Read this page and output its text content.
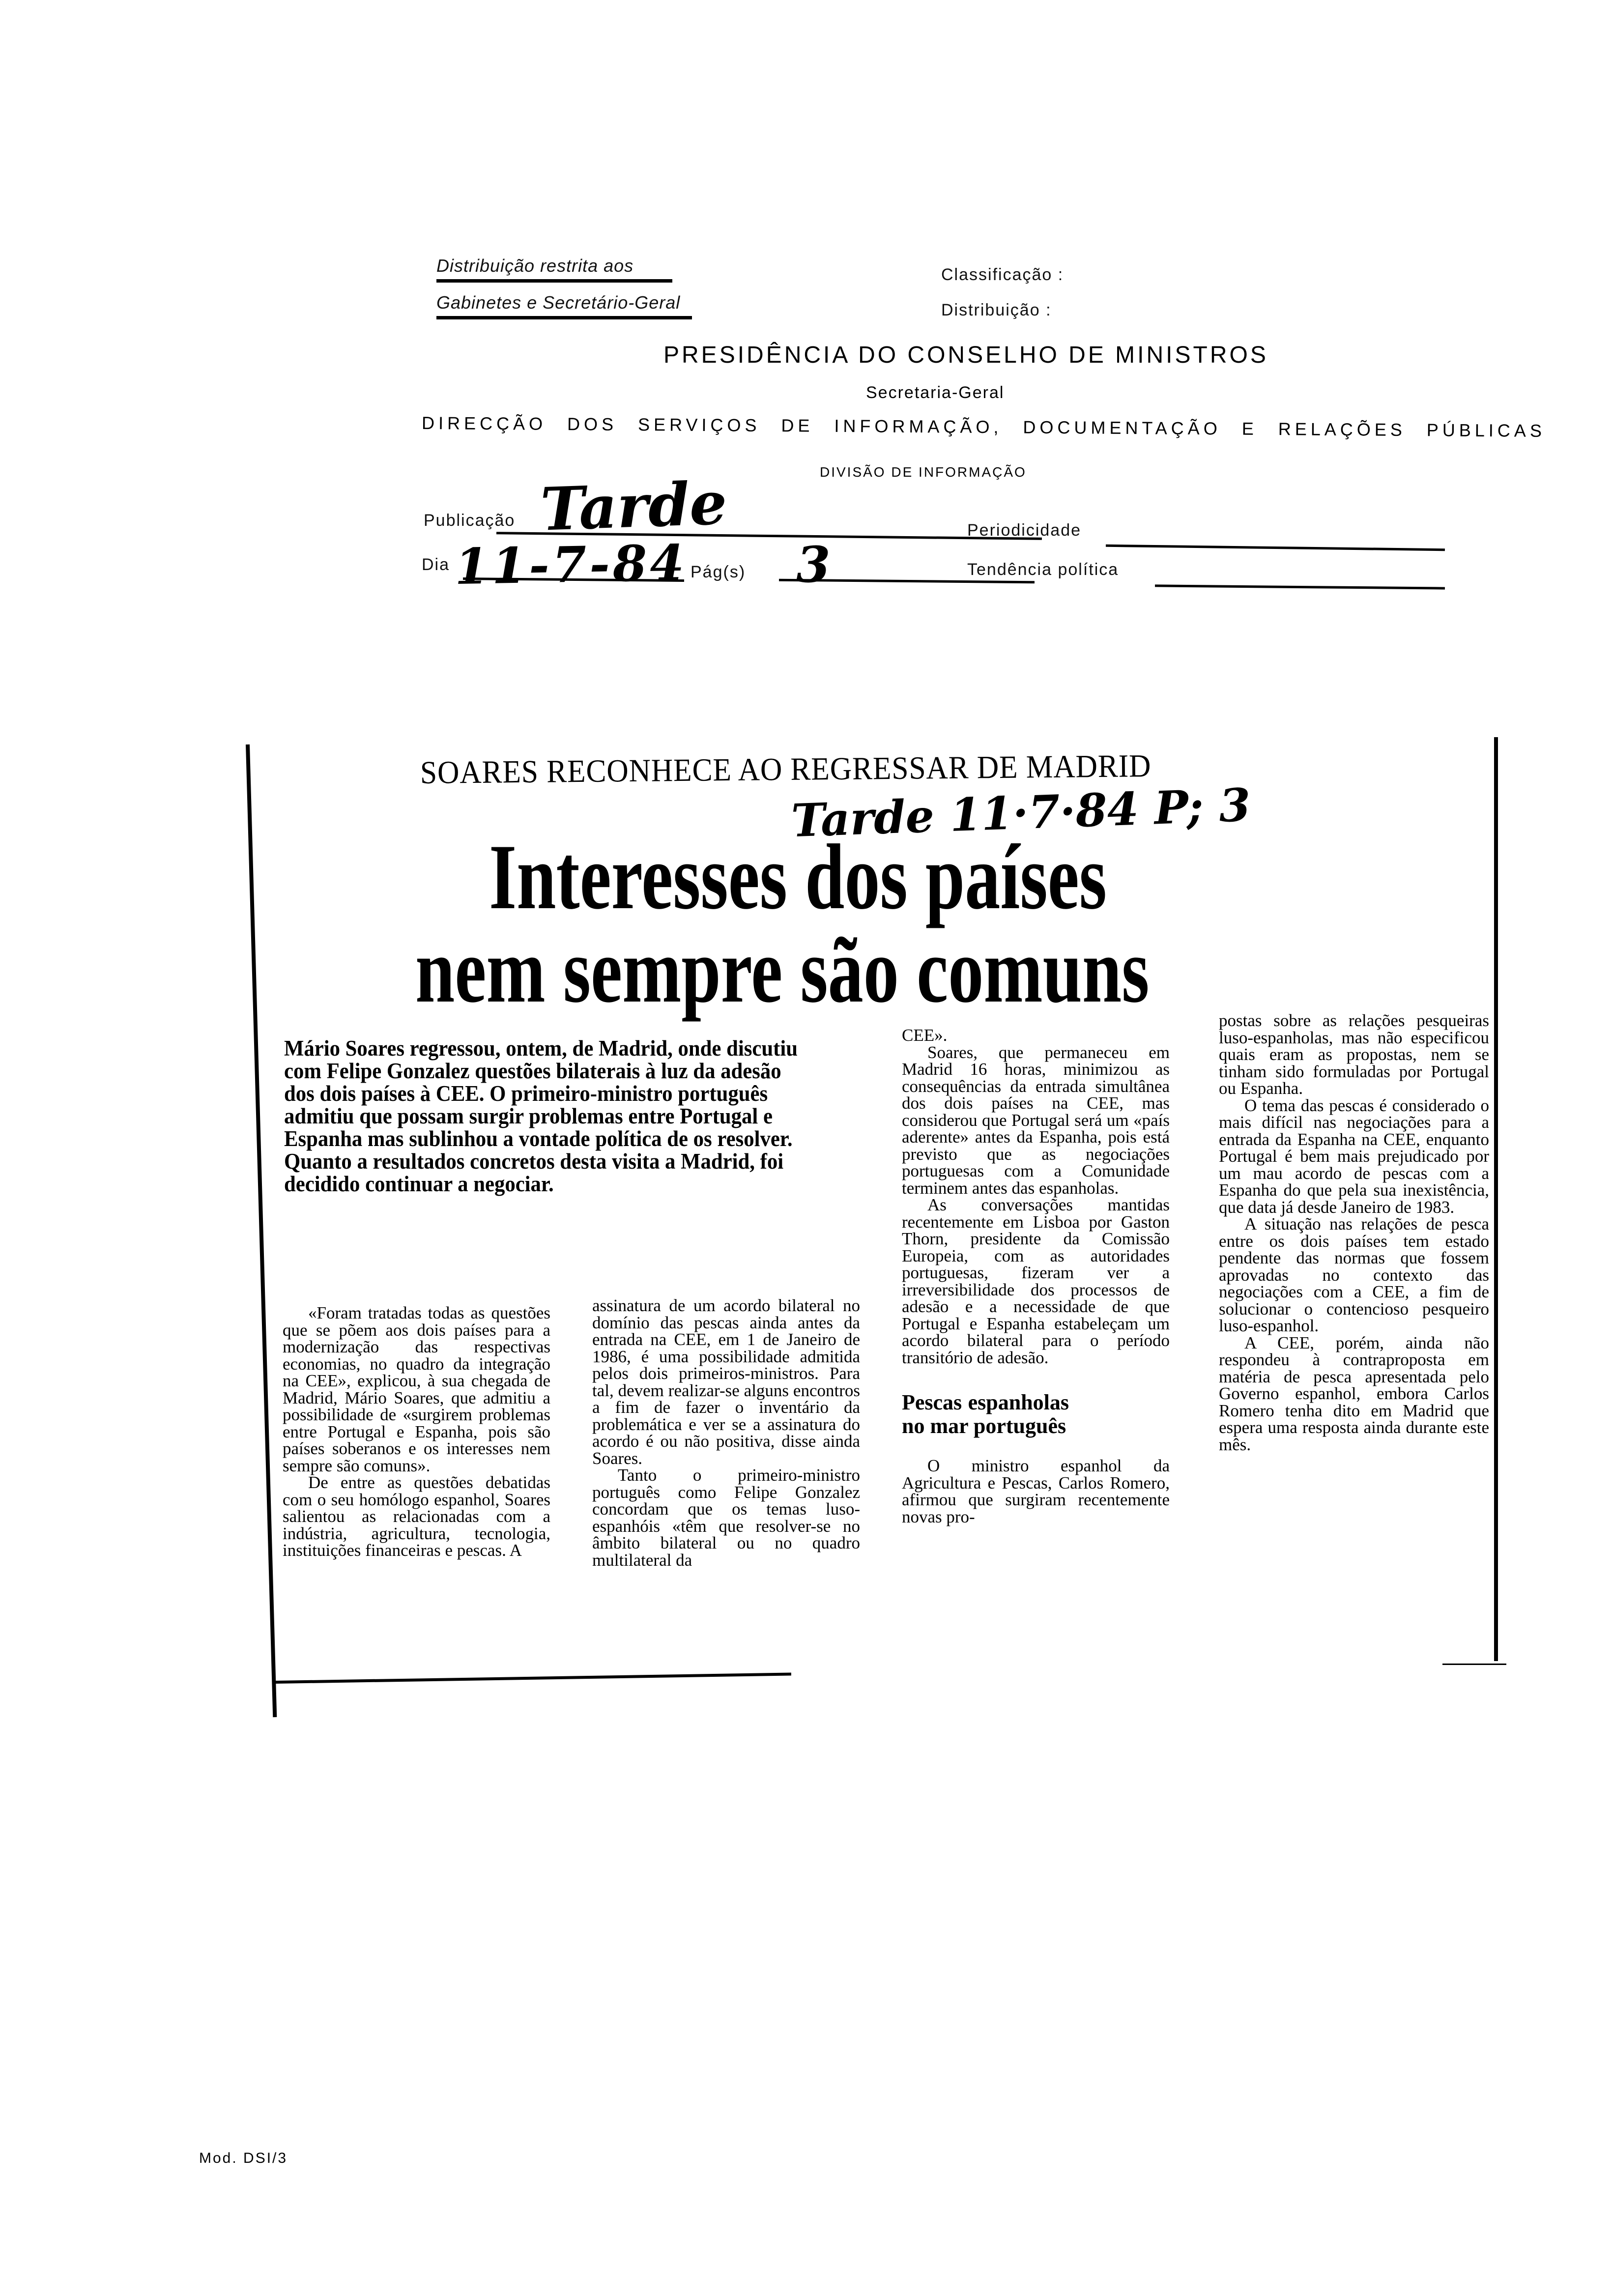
Distribuição restrita aos
Gabinetes e Secretário-Geral
Classificação :
Distribuição :
PRESIDÊNCIA DO CONSELHO DE MINISTROS
Secretaria-Geral
DIRECÇÃO DOS SERVIÇOS DE INFORMAÇÃO, DOCUMENTAÇÃO E RELAÇÕES PÚBLICAS
DIVISÃO DE INFORMAÇÃO
Publicação Tarde	Periodicidade
Dia 11-7-84 Pág(s) 3	Tendência política
SOARES RECONHECE AO REGRESSAR DE MADRID
Tarde 11·7·84 P; 3
Interesses dos países
nem sempre são comuns

Mário Soares regressou, ontem, de Madrid, onde discutiu com Felipe Gonzalez questões bilaterais à luz da adesão dos dois países à CEE. O primeiro-ministro português admitiu que possam surgir problemas entre Portugal e Espanha mas sublinhou a vontade política de os resolver. Quanto a resultados concretos desta visita a Madrid, foi decidido continuar a negociar.

«Foram tratadas todas as questões que se põem aos dois países para a modernização das respectivas economias, no quadro da integração na CEE», explicou, à sua chegada de Madrid, Mário Soares, que admitiu a possibilidade de «surgirem problemas entre Portugal e Espanha, pois são países soberanos e os interesses nem sempre são comuns».

De entre as questões debatidas com o seu homólogo espanhol, Soares salientou as relacionadas com a indústria, agricultura, tecnologia, instituições financeiras e pescas. A

assinatura de um acordo bilateral no domínio das pescas ainda antes da entrada na CEE, em 1 de Janeiro de 1986, é uma possibilidade admitida pelos dois primeiros-ministros. Para tal, devem realizar-se alguns encontros a fim de fazer o inventário da problemática e ver se a assinatura do acordo é ou não positiva, disse ainda Soares.

Tanto o primeiro-ministro português como Felipe Gonzalez concordam que os temas luso-espanhóis «têm que resolver-se no âmbito bilateral ou no quadro multilateral da

CEE».

Soares, que permaneceu em Madrid 16 horas, minimizou as consequências da entrada simultânea dos dois países na CEE, mas considerou que Portugal será um «país aderente» antes da Espanha, pois está previsto que as negociações portuguesas com a Comunidade terminem antes das espanholas.

As conversações mantidas recentemente em Lisboa por Gaston Thorn, presidente da Comissão Europeia, com as autoridades portuguesas, fizeram ver a irreversibilidade dos processos de adesão e a necessidade de que Portugal e Espanha estabeleçam um acordo bilateral para o período transitório de adesão.

Pescas espanholas no mar português

O ministro espanhol da Agricultura e Pescas, Carlos Romero, afirmou que surgiram recentemente novas pro-

postas sobre as relações pesqueiras luso-espanholas, mas não especificou quais eram as propostas, nem se tinham sido formuladas por Portugal ou Espanha.

O tema das pescas é considerado o mais difícil nas negociações para a entrada da Espanha na CEE, enquanto Portugal é bem mais prejudicado por um mau acordo de pescas com a Espanha do que pela sua inexistência, que data já desde Janeiro de 1983.

A situação nas relações de pesca entre os dois países tem estado pendente das normas que fossem aprovadas no contexto das negociações com a CEE, a fim de solucionar o contencioso pesqueiro luso-espanhol.

A CEE, porém, ainda não respondeu à contraproposta em matéria de pesca apresentada pelo Governo espanhol, embora Carlos Romero tenha dito em Madrid que espera uma resposta ainda durante este mês.

Mod. DSI/3
